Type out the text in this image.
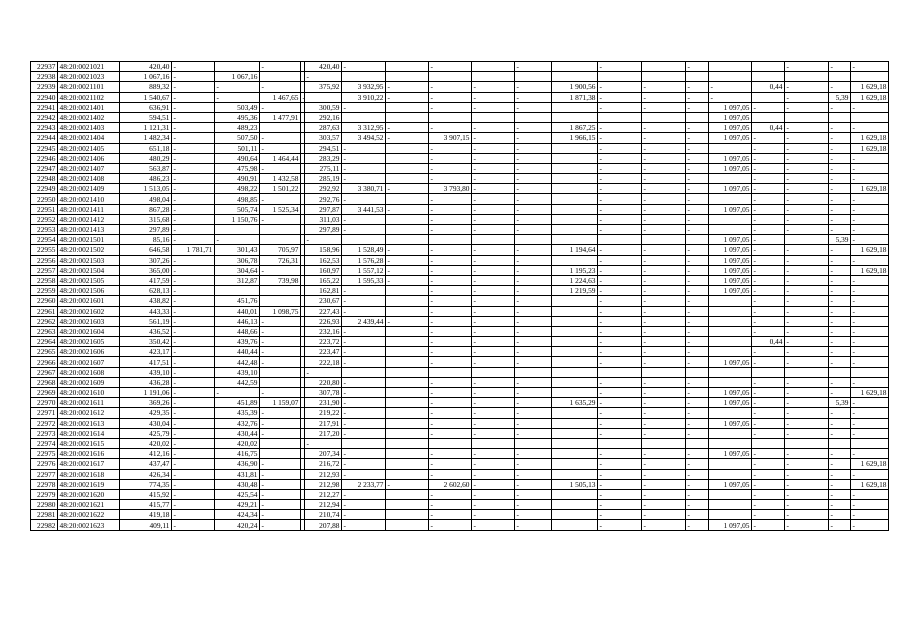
22937	48:20:0021021	420,40	-		-		420,40	-		-		-		-		-			-	-	-
22938	48:20:0021023	1 067,16	-	1 067,16			-														
22939	48:20:0021101	889,32	-	-	-		375,92	3 932,95	-	-	-	-	1 900,56	-	-	-	-	0,44	-	-	1 629,18
22940	48:20:0021102	1 540,67	-	-	1 467,65	-		3 910,22	-	-	-	-	1 871,38	-	-	-	-		-	5,39	1 629,18
22941	48:20:0021401	636,91	-	503,49	-		300,59	-		-	-	-		-	-	-	1 097,05	-	-	-	-
22942	48:20:0021402	594,51	-	495,36	1 477,91		292,16										1 097,05				
22943	48:20:0021403	1 121,31	-	489,23			287,63	3 312,95	-	-	-	-	1 867,25	-	-	-	1 097,05	0,44	-	-	-
22944	48:20:0021404	1 482,34	-	507,50	-		303,57	3 494,52	-	3 907,15	-	-	1 966,15	-	-	-	1 097,05	-	-	-	1 629,18
22945	48:20:0021405	651,18	-	501,11	-		294,51	-		-	-	-		-	-	-		-	-	-	1 629,18
22946	48:20:0021406	480,29	-	490,64	1 464,44		283,29	-		-	-	-		-	-	-	1 097,05	-	-	-	-
22947	48:20:0021407	563,87	-	475,98	-		275,11	-		-	-	-		-	-	-	1 097,05	-	-	-	-
22948	48:20:0021408	486,23	-	490,91	1 432,58		285,19	-		-	-	-		-	-	-		-	-	-	-
22949	48:20:0021409	1 513,05	-	498,22	1 501,22		292,92	3 380,71	-	3 793,80	-	-		-	-	-	1 097,05	-	-	-	1 629,18
22950	48:20:0021410	498,04	-	498,85	-		292,76	-		-	-	-		-	-	-		-	-	-	-
22951	48:20:0021411	867,28	-	505,74	1 525,34		297,87	3 441,53	-	-	-	-		-	-	-	1 097,05	-	-	-	-
22952	48:20:0021412	315,68	-	1 150,76	-		311,03	-		-	-	-		-	-	-		-	-	-	-
22953	48:20:0021413	297,89	-				297,89	-		-	-	-		-	-	-		-	-	-	-
22954	48:20:0021501	85,16	-	-			-										1 097,05	-		5,39	-
22955	48:20:0021502	646,58	1 781,71	301,43	705,97		158,96	1 528,49	-	-	-	-	1 194,64	-	-	-	1 097,05	-	-	-	1 629,18
22956	48:20:0021503	307,26	-	306,78	726,31		162,53	1 576,28	-	-	-	-		-	-	-	1 097,05	-	-	-	-
22957	48:20:0021504	365,00	-	304,64	-		160,97	1 557,12	-	-	-	-	1 195,23	-	-	-	1 097,05	-	-	-	1 629,18
22958	48:20:0021505	417,59	-	312,87	739,98		165,22	1 595,33	-	-	-	-	1 224,63	-	-	-	1 097,05	-	-	-	-
22959	48:20:0021506	628,13	-				162,81	-		-	-	-	1 219,59	-	-	-	1 097,05	-	-	-	-
22960	48:20:0021601	438,82	-	451,76			230,67	-		-	-	-		-	-	-		-	-	-	-
22961	48:20:0021602	443,33	-	440,01	1 098,75		227,43	-		-	-	-		-	-	-		-	-	-	-
22962	48:20:0021603	561,19	-	446,13	-		226,93	2 439,44	-	-	-	-		-	-	-		-	-	-	-
22963	48:20:0021604	436,52	-	448,66	-		232,16	-		-	-	-		-	-	-		-	-	-	-
22964	48:20:0021605	350,42	-	439,76	-		223,72	-		-	-	-		-	-	-		0,44	-	-	-
22965	48:20:0021606	423,17	-	440,44	-		223,47	-		-	-	-		-	-	-		-	-	-	-
22966	48:20:0021607	417,51	-	442,48	-		222,18	-		-	-	-		-	-	-	1 097,05	-	-	-	-
22967	48:20:0021608	439,10	-	439,10			-														
22968	48:20:0021609	436,28	-	442,59			220,80	-		-	-	-		-	-	-		-	-	-	-
22969	48:20:0021610	1 191,06	-	-	-		307,78	-		-	-	-		-	-	-	1 097,05	-	-	-	1 629,18
22970	48:20:0021611	369,26	-	451,89	1 159,07		231,90	-		-	-	-	1 635,29	-	-	-	1 097,05	-	-	5,39	-
22971	48:20:0021612	429,35	-	435,39	-		219,22	-		-	-	-		-	-	-		-	-	-	-
22972	48:20:0021613	430,04	-	432,76	-		217,91	-		-	-	-		-	-	-	1 097,05	-	-	-	-
22973	48:20:0021614	425,79	-	430,44	-		217,20	-		-	-	-		-	-	-		-	-	-	-
22974	48:20:0021615	420,02	-	420,02			-														
22975	48:20:0021616	412,16	-	416,75			207,34	-		-	-	-		-	-	-	1 097,05	-	-	-	-
22976	48:20:0021617	437,47	-	436,90	-		216,72	-		-	-	-		-	-	-		-	-	-	1 629,18
22977	48:20:0021618	426,34	-	431,81	-		212,93	-		-	-	-		-	-	-		-	-	-	-
22978	48:20:0021619	774,35	-	430,48	-		212,98	2 233,77	-	2 602,60	-	-	1 505,13	-	-	-	1 097,05	-	-	-	1 629,18
22979	48:20:0021620	415,92	-	425,54	-		212,27	-		-	-	-		-	-	-		-	-	-	-
22980	48:20:0021621	415,77	-	429,21	-		212,94	-		-	-	-		-	-	-		-	-	-	-
22981	48:20:0021622	419,18	-	424,34	-		210,74	-		-	-	-		-	-	-		-	-	-	-
22982	48:20:0021623	409,11	-	420,24	-		207,88	-		-	-	-		-	-	-	1 097,05	-	-	-	-
